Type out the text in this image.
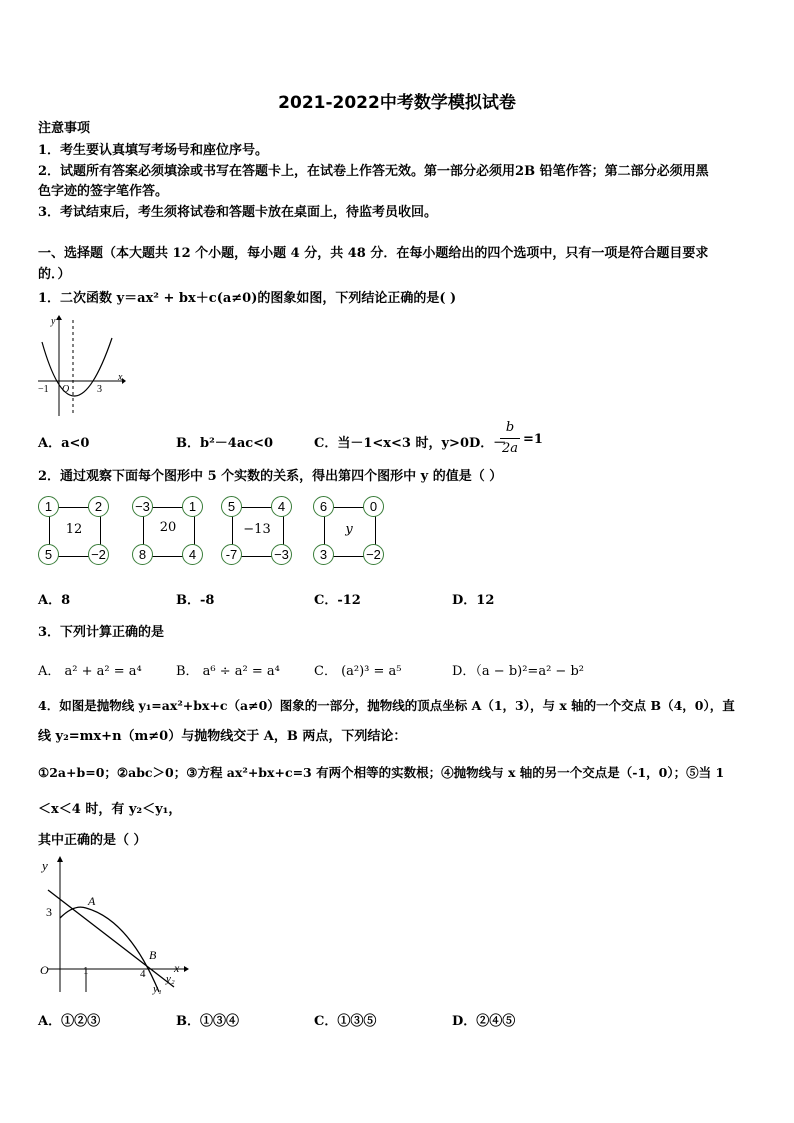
2021-2022中考数学模拟试卷
注意事项
1．考生要认真填写考场号和座位序号。
2．试题所有答案必须填涂或书写在答题卡上，在试卷上作答无效。第一部分必须用2B 铅笔作答；第二部分必须用黑
色字迹的签字笔作答。
3．考试结束后，考生须将试卷和答题卡放在桌面上，待监考员收回。
一、选择题（本大题共 12 个小题，每小题 4 分，共 48 分．在每小题给出的四个选项中，只有一项是符合题目要求
的．）
1．二次函数 y＝ax² + bx＋c(a≠0)的图象如图，下列结论正确的是( )
y
x
O
−1	3
A．a<0	B．b²－4ac<0	C．当－1<x<3 时，y>0D．－
b
2a
=1
2．通过观察下面每个图形中 5 个实数的关系，得出第四个图形中 y 的值是（ ）
1	2
5	−2
12
−3	1
8	4
20
5	4
-7	−3
−13
6	0
3	−2
y
A．8	B．-8	C．-12	D．12
3．下列计算正确的是
A． a² + a² = a⁴	B． a⁶ ÷ a² = a⁴	C． (a²)³ = a⁵	D．（a − b)²=a² − b²
4．如图是抛物线 y₁=ax²+bx+c（a≠0）图象的一部分，抛物线的顶点坐标 A（1，3），与 x 轴的一个交点 B（4，0），直
线 y₂=mx+n（m≠0）与抛物线交于 A，B 两点，下列结论：
①2a+b=0；②abc＞0；③方程 ax²+bx+c=3 有两个相等的实数根；④抛物线与 x 轴的另一个交点是（-1，0）；⑤当 1
＜x＜4 时，有 y₂＜y₁，
其中正确的是（ ）
y
x
O
3
1	4
A
B
y₁
y₂
A．①②③	B．①③④	C．①③⑤	D．②④⑤
